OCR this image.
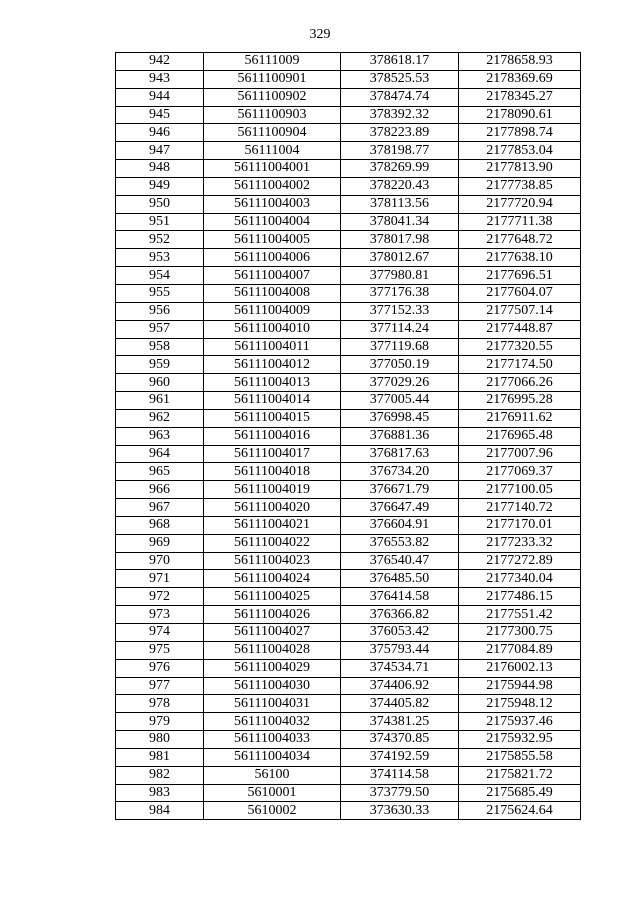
329
942	56111009	378618.17	2178658.93
943	5611100901	378525.53	2178369.69
944	5611100902	378474.74	2178345.27
945	5611100903	378392.32	2178090.61
946	5611100904	378223.89	2177898.74
947	56111004	378198.77	2177853.04
948	56111004001	378269.99	2177813.90
949	56111004002	378220.43	2177738.85
950	56111004003	378113.56	2177720.94
951	56111004004	378041.34	2177711.38
952	56111004005	378017.98	2177648.72
953	56111004006	378012.67	2177638.10
954	56111004007	377980.81	2177696.51
955	56111004008	377176.38	2177604.07
956	56111004009	377152.33	2177507.14
957	56111004010	377114.24	2177448.87
958	56111004011	377119.68	2177320.55
959	56111004012	377050.19	2177174.50
960	56111004013	377029.26	2177066.26
961	56111004014	377005.44	2176995.28
962	56111004015	376998.45	2176911.62
963	56111004016	376881.36	2176965.48
964	56111004017	376817.63	2177007.96
965	56111004018	376734.20	2177069.37
966	56111004019	376671.79	2177100.05
967	56111004020	376647.49	2177140.72
968	56111004021	376604.91	2177170.01
969	56111004022	376553.82	2177233.32
970	56111004023	376540.47	2177272.89
971	56111004024	376485.50	2177340.04
972	56111004025	376414.58	2177486.15
973	56111004026	376366.82	2177551.42
974	56111004027	376053.42	2177300.75
975	56111004028	375793.44	2177084.89
976	56111004029	374534.71	2176002.13
977	56111004030	374406.92	2175944.98
978	56111004031	374405.82	2175948.12
979	56111004032	374381.25	2175937.46
980	56111004033	374370.85	2175932.95
981	56111004034	374192.59	2175855.58
982	56100	374114.58	2175821.72
983	5610001	373779.50	2175685.49
984	5610002	373630.33	2175624.64
